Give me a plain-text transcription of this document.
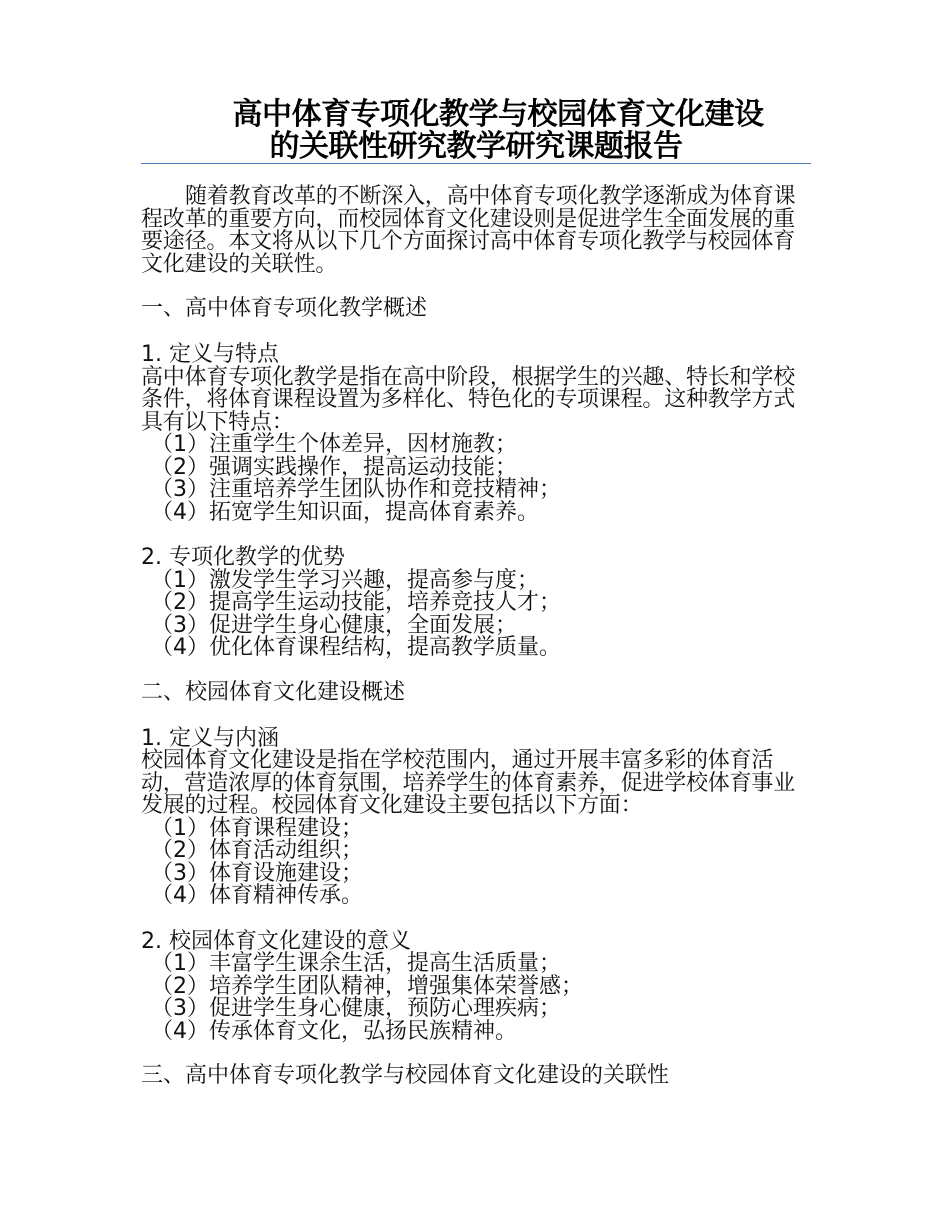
高中体育专项化教学与校园体育文化建设
的关联性研究教学研究课题报告
随着教育改革的不断深入，高中体育专项化教学逐渐成为体育课程改革的重要方向，而校园体育文化建设则是促进学生全面发展的重要途径。本文将从以下几个方面探讨高中体育专项化教学与校园体育文化建设的关联性。
一、高中体育专项化教学概述
1. 定义与特点
高中体育专项化教学是指在高中阶段，根据学生的兴趣、特长和学校条件，将体育课程设置为多样化、特色化的专项课程。这种教学方式具有以下特点：
（1）注重学生个体差异，因材施教；
（2）强调实践操作，提高运动技能；
（3）注重培养学生团队协作和竞技精神；
（4）拓宽学生知识面，提高体育素养。
2. 专项化教学的优势
（1）激发学生学习兴趣，提高参与度；
（2）提高学生运动技能，培养竞技人才；
（3）促进学生身心健康，全面发展；
（4）优化体育课程结构，提高教学质量。
二、校园体育文化建设概述
1. 定义与内涵
校园体育文化建设是指在学校范围内，通过开展丰富多彩的体育活动，营造浓厚的体育氛围，培养学生的体育素养，促进学校体育事业发展的过程。校园体育文化建设主要包括以下方面：
（1）体育课程建设；
（2）体育活动组织；
（3）体育设施建设；
（4）体育精神传承。
2. 校园体育文化建设的意义
（1）丰富学生课余生活，提高生活质量；
（2）培养学生团队精神，增强集体荣誉感；
（3）促进学生身心健康，预防心理疾病；
（4）传承体育文化，弘扬民族精神。
三、高中体育专项化教学与校园体育文化建设的关联性
